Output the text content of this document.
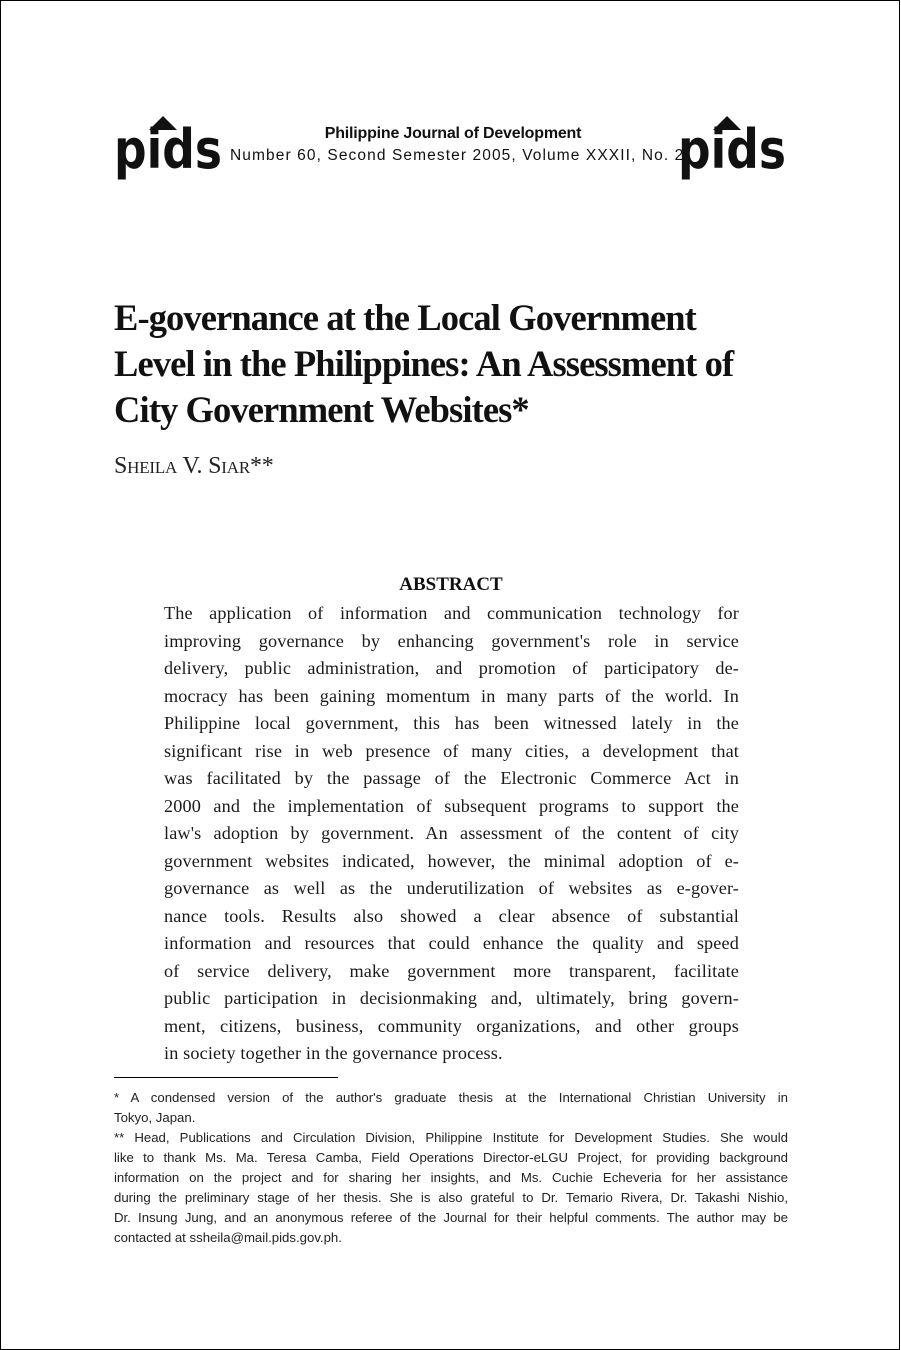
pids	Philippine Journal of Development
Number 60, Second Semester 2005, Volume XXXII, No. 2
pids
E-governance at the Local Government
Level in the Philippines: An Assessment of
City Government Websites*

Sheila V. Siar**

ABSTRACT
The application of information and communication technology for
improving governance by enhancing government's role in service
delivery, public administration, and promotion of participatory de-
mocracy has been gaining momentum in many parts of the world. In
Philippine local government, this has been witnessed lately in the
significant rise in web presence of many cities, a development that
was facilitated by the passage of the Electronic Commerce Act in
2000 and the implementation of subsequent programs to support the
law's adoption by government. An assessment of the content of city
government websites indicated, however, the minimal adoption of e-
governance as well as the underutilization of websites as e-gover-
nance tools. Results also showed a clear absence of substantial
information and resources that could enhance the quality and speed
of service delivery, make government more transparent, facilitate
public participation in decisionmaking and, ultimately, bring govern-
ment, citizens, business, community organizations, and other groups
in society together in the governance process.
* A condensed version of the author's graduate thesis at the International Christian University in
Tokyo, Japan.
** Head, Publications and Circulation Division, Philippine Institute for Development Studies. She would
like to thank Ms. Ma. Teresa Camba, Field Operations Director-eLGU Project, for providing background
information on the project and for sharing her insights, and Ms. Cuchie Echeveria for her assistance
during the preliminary stage of her thesis. She is also grateful to Dr. Temario Rivera, Dr. Takashi Nishio,
Dr. Insung Jung, and an anonymous referee of the Journal for their helpful comments. The author may be
contacted at ssheila@mail.pids.gov.ph.
